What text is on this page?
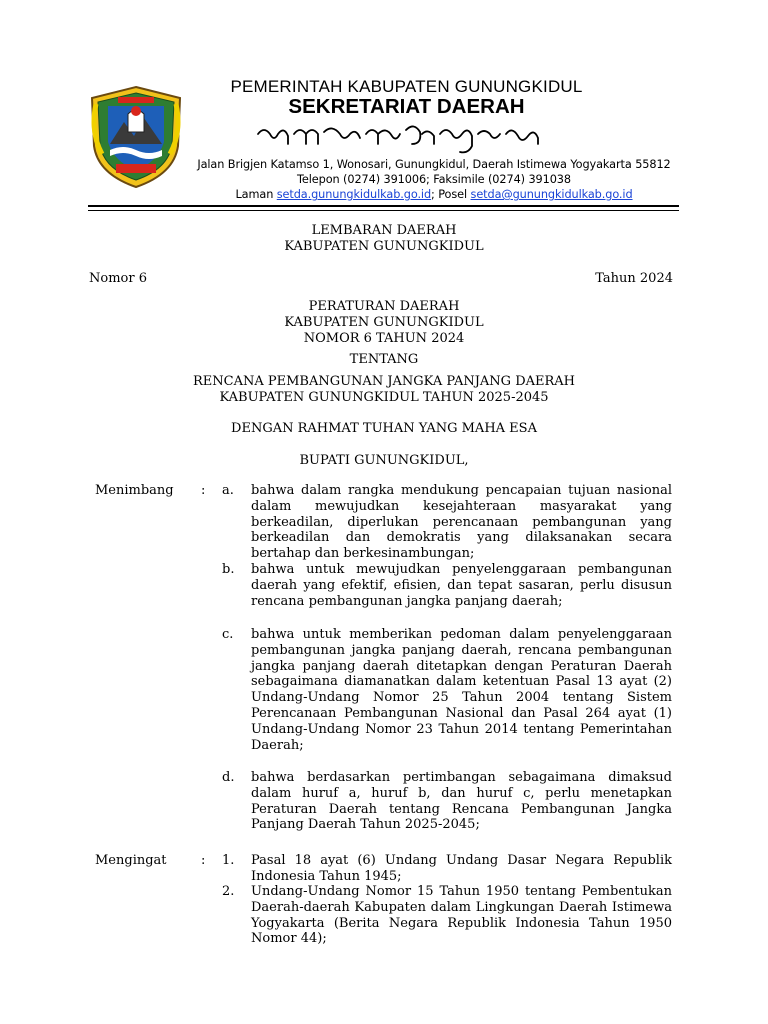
PEMERINTAH KABUPATEN GUNUNGKIDUL
SEKRETARIAT DAERAH
Jalan Brigjen Katamso 1, Wonosari, Gunungkidul, Daerah Istimewa Yogyakarta 55812
Telepon (0274) 391006; Faksimile (0274) 391038
Laman setda.gunungkidulkab.go.id; Posel setda@gunungkidulkab.go.id
LEMBARAN DAERAH
KABUPATEN GUNUNGKIDUL
Nomor 6	Tahun 2024
PERATURAN DAERAH
KABUPATEN GUNUNGKIDUL
NOMOR 6 TAHUN 2024
TENTANG
RENCANA PEMBANGUNAN JANGKA PANJANG DAERAH
KABUPATEN GUNUNGKIDUL TAHUN 2025-2045
DENGAN RAHMAT TUHAN YANG MAHA ESA
BUPATI GUNUNGKIDUL,
Menimbang : a. bahwa dalam rangka mendukung pencapaian tujuan nasional dalam mewujudkan kesejahteraan masyarakat yang berkeadilan, diperlukan perencanaan pembangunan yang berkeadilan dan demokratis yang dilaksanakan secara bertahap dan berkesinambungan;
b. bahwa untuk mewujudkan penyelenggaraan pembangunan daerah yang efektif, efisien, dan tepat sasaran, perlu disusun rencana pembangunan jangka panjang daerah;
c. bahwa untuk memberikan pedoman dalam penyelenggaraan pembangunan jangka panjang daerah, rencana pembangunan jangka panjang daerah ditetapkan dengan Peraturan Daerah sebagaimana diamanatkan dalam ketentuan Pasal 13 ayat (2) Undang-Undang Nomor 25 Tahun 2004 tentang Sistem Perencanaan Pembangunan Nasional dan Pasal 264 ayat (1) Undang-Undang Nomor 23 Tahun 2014 tentang Pemerintahan Daerah;
d. bahwa berdasarkan pertimbangan sebagaimana dimaksud dalam huruf a, huruf b, dan huruf c, perlu menetapkan Peraturan Daerah tentang Rencana Pembangunan Jangka Panjang Daerah Tahun 2025-2045;
Mengingat	: 1. Pasal 18 ayat (6) Undang Undang Dasar Negara Republik Indonesia Tahun 1945;
2. Undang-Undang Nomor 15 Tahun 1950 tentang Pembentukan Daerah-daerah Kabupaten dalam Lingkungan Daerah Istimewa Yogyakarta (Berita Negara Republik Indonesia Tahun 1950 Nomor 44);
